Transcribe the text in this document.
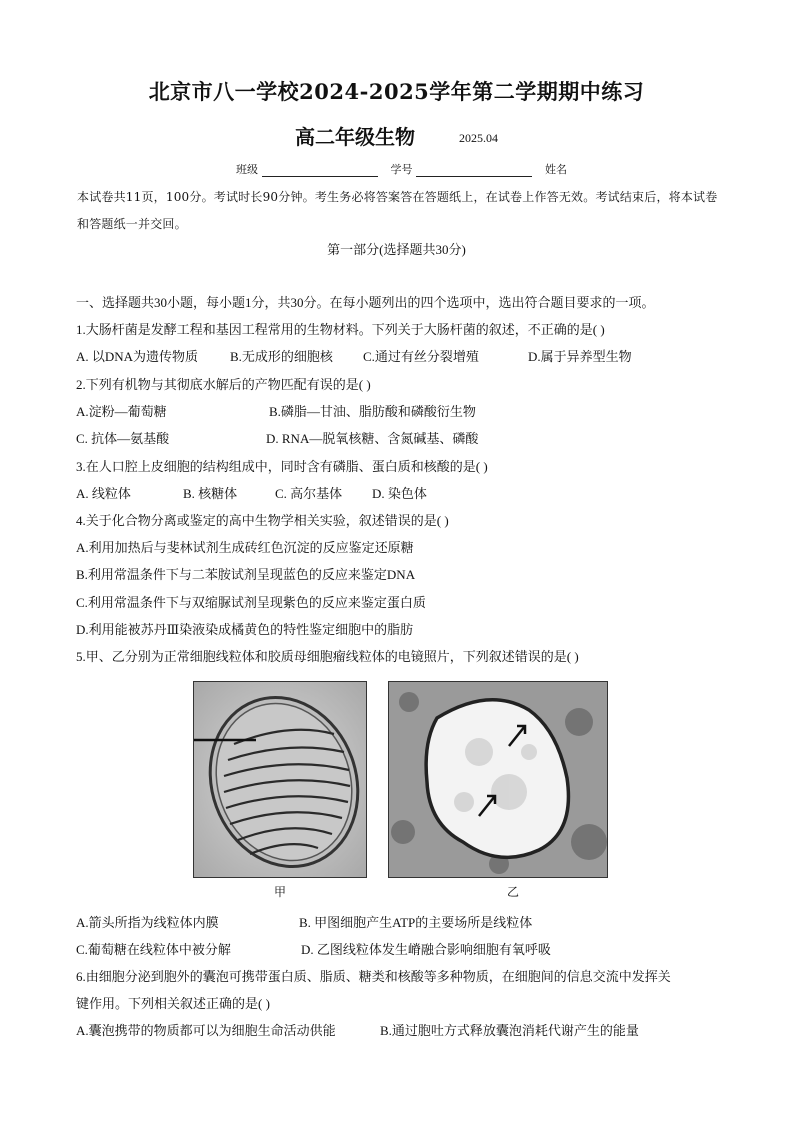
北京市八一学校2024-2025学年第二学期期中练习
高二年级生物	2025.04
班级	学号	姓名
本试卷共11页，100分。考试时长90分钟。考生务必将答案答在答题纸上，在试卷上作答无效。考试结束后，将本试卷和答题纸一并交回。
第一部分(选择题共30分)
一、选择题共30小题，每小题1分，共30分。在每小题列出的四个选项中，选出符合题目要求的一项。
1.大肠杆菌是发酵工程和基因工程常用的生物材料。下列关于大肠杆菌的叙述，不正确的是( )
A. 以DNA为遗传物质 B.无成形的细胞核 C.通过有丝分裂增殖	D.属于异养型生物
2.下列有机物与其彻底水解后的产物匹配有误的是( )
A.淀粉—葡萄糖	B.磷脂—甘油、脂肪酸和磷酸衍生物
C. 抗体—氨基酸	D. RNA—脱氧核糖、含氮碱基、磷酸
3.在人口腔上皮细胞的结构组成中，同时含有磷脂、蛋白质和核酸的是( )
A. 线粒体	B. 核糖体	C. 高尔基体 D. 染色体
4.关于化合物分离或鉴定的高中生物学相关实验，叙述错误的是( )
A.利用加热后与斐林试剂生成砖红色沉淀的反应鉴定还原糖
B.利用常温条件下与二苯胺试剂呈现蓝色的反应来鉴定DNA
C.利用常温条件下与双缩脲试剂呈现紫色的反应来鉴定蛋白质
D.利用能被苏丹Ⅲ染液染成橘黄色的特性鉴定细胞中的脂肪
5.甲、乙分别为正常细胞线粒体和胶质母细胞瘤线粒体的电镜照片，下列叙述错误的是( )
甲	乙
A.箭头所指为线粒体内膜	B. 甲图细胞产生ATP的主要场所是线粒体
C.葡萄糖在线粒体中被分解	D. 乙图线粒体发生嵴融合影响细胞有氧呼吸
6.由细胞分泌到胞外的囊泡可携带蛋白质、脂质、糖类和核酸等多种物质，在细胞间的信息交流中发挥关
键作用。下列相关叙述正确的是( )
A.囊泡携带的物质都可以为细胞生命活动供能	B.通过胞吐方式释放囊泡消耗代谢产生的能量
